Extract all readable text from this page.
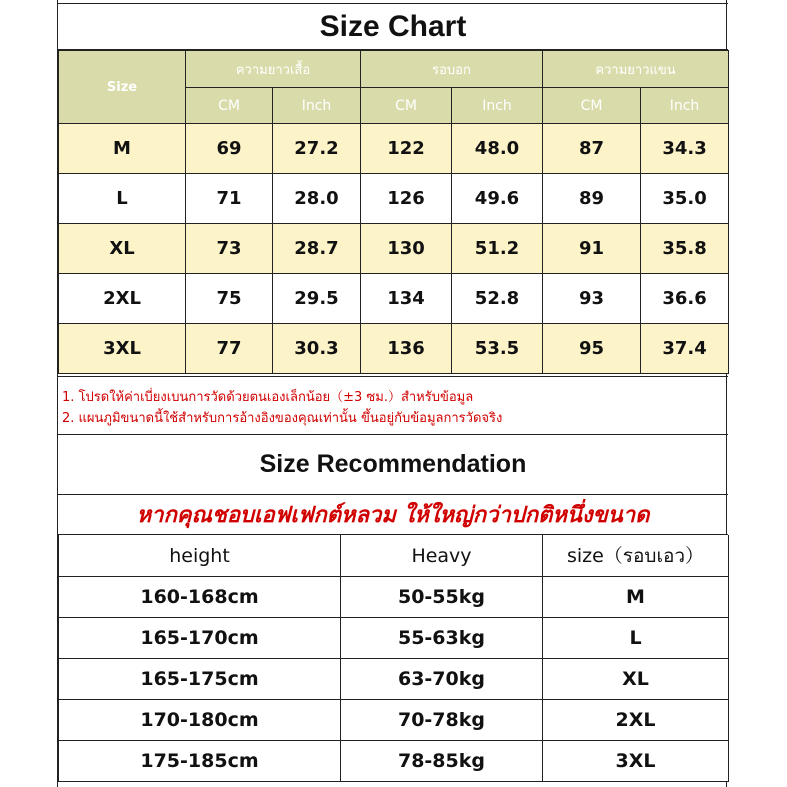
Size Chart
Size	ความยาวเสื้อ		รอบอก		ความยาวแขน	
	CM	Inch	CM	Inch	CM	Inch
M	69	27.2	122	48.0	87	34.3
L	71	28.0	126	49.6	89	35.0
XL	73	28.7	130	51.2	91	35.8
2XL	75	29.5	134	52.8	93	36.6
3XL	77	30.3	136	53.5	95	37.4
1. โปรดให้ค่าเบี่ยงเบนการวัดด้วยตนเองเล็กน้อย（±3 ซม.）สำหรับข้อมูล
2. แผนภูมิขนาดนี้ใช้สำหรับการอ้างอิงของคุณเท่านั้น ขึ้นอยู่กับข้อมูลการวัดจริง
Size Recommendation
หากคุณชอบเอฟเฟกต์หลวม ให้ใหญ่กว่าปกติหนึ่งขนาด
height	Heavy	size（รอบเอว）
160-168cm	50-55kg	M
165-170cm	55-63kg	L
165-175cm	63-70kg	XL
170-180cm	70-78kg	2XL
175-185cm	78-85kg	3XL
